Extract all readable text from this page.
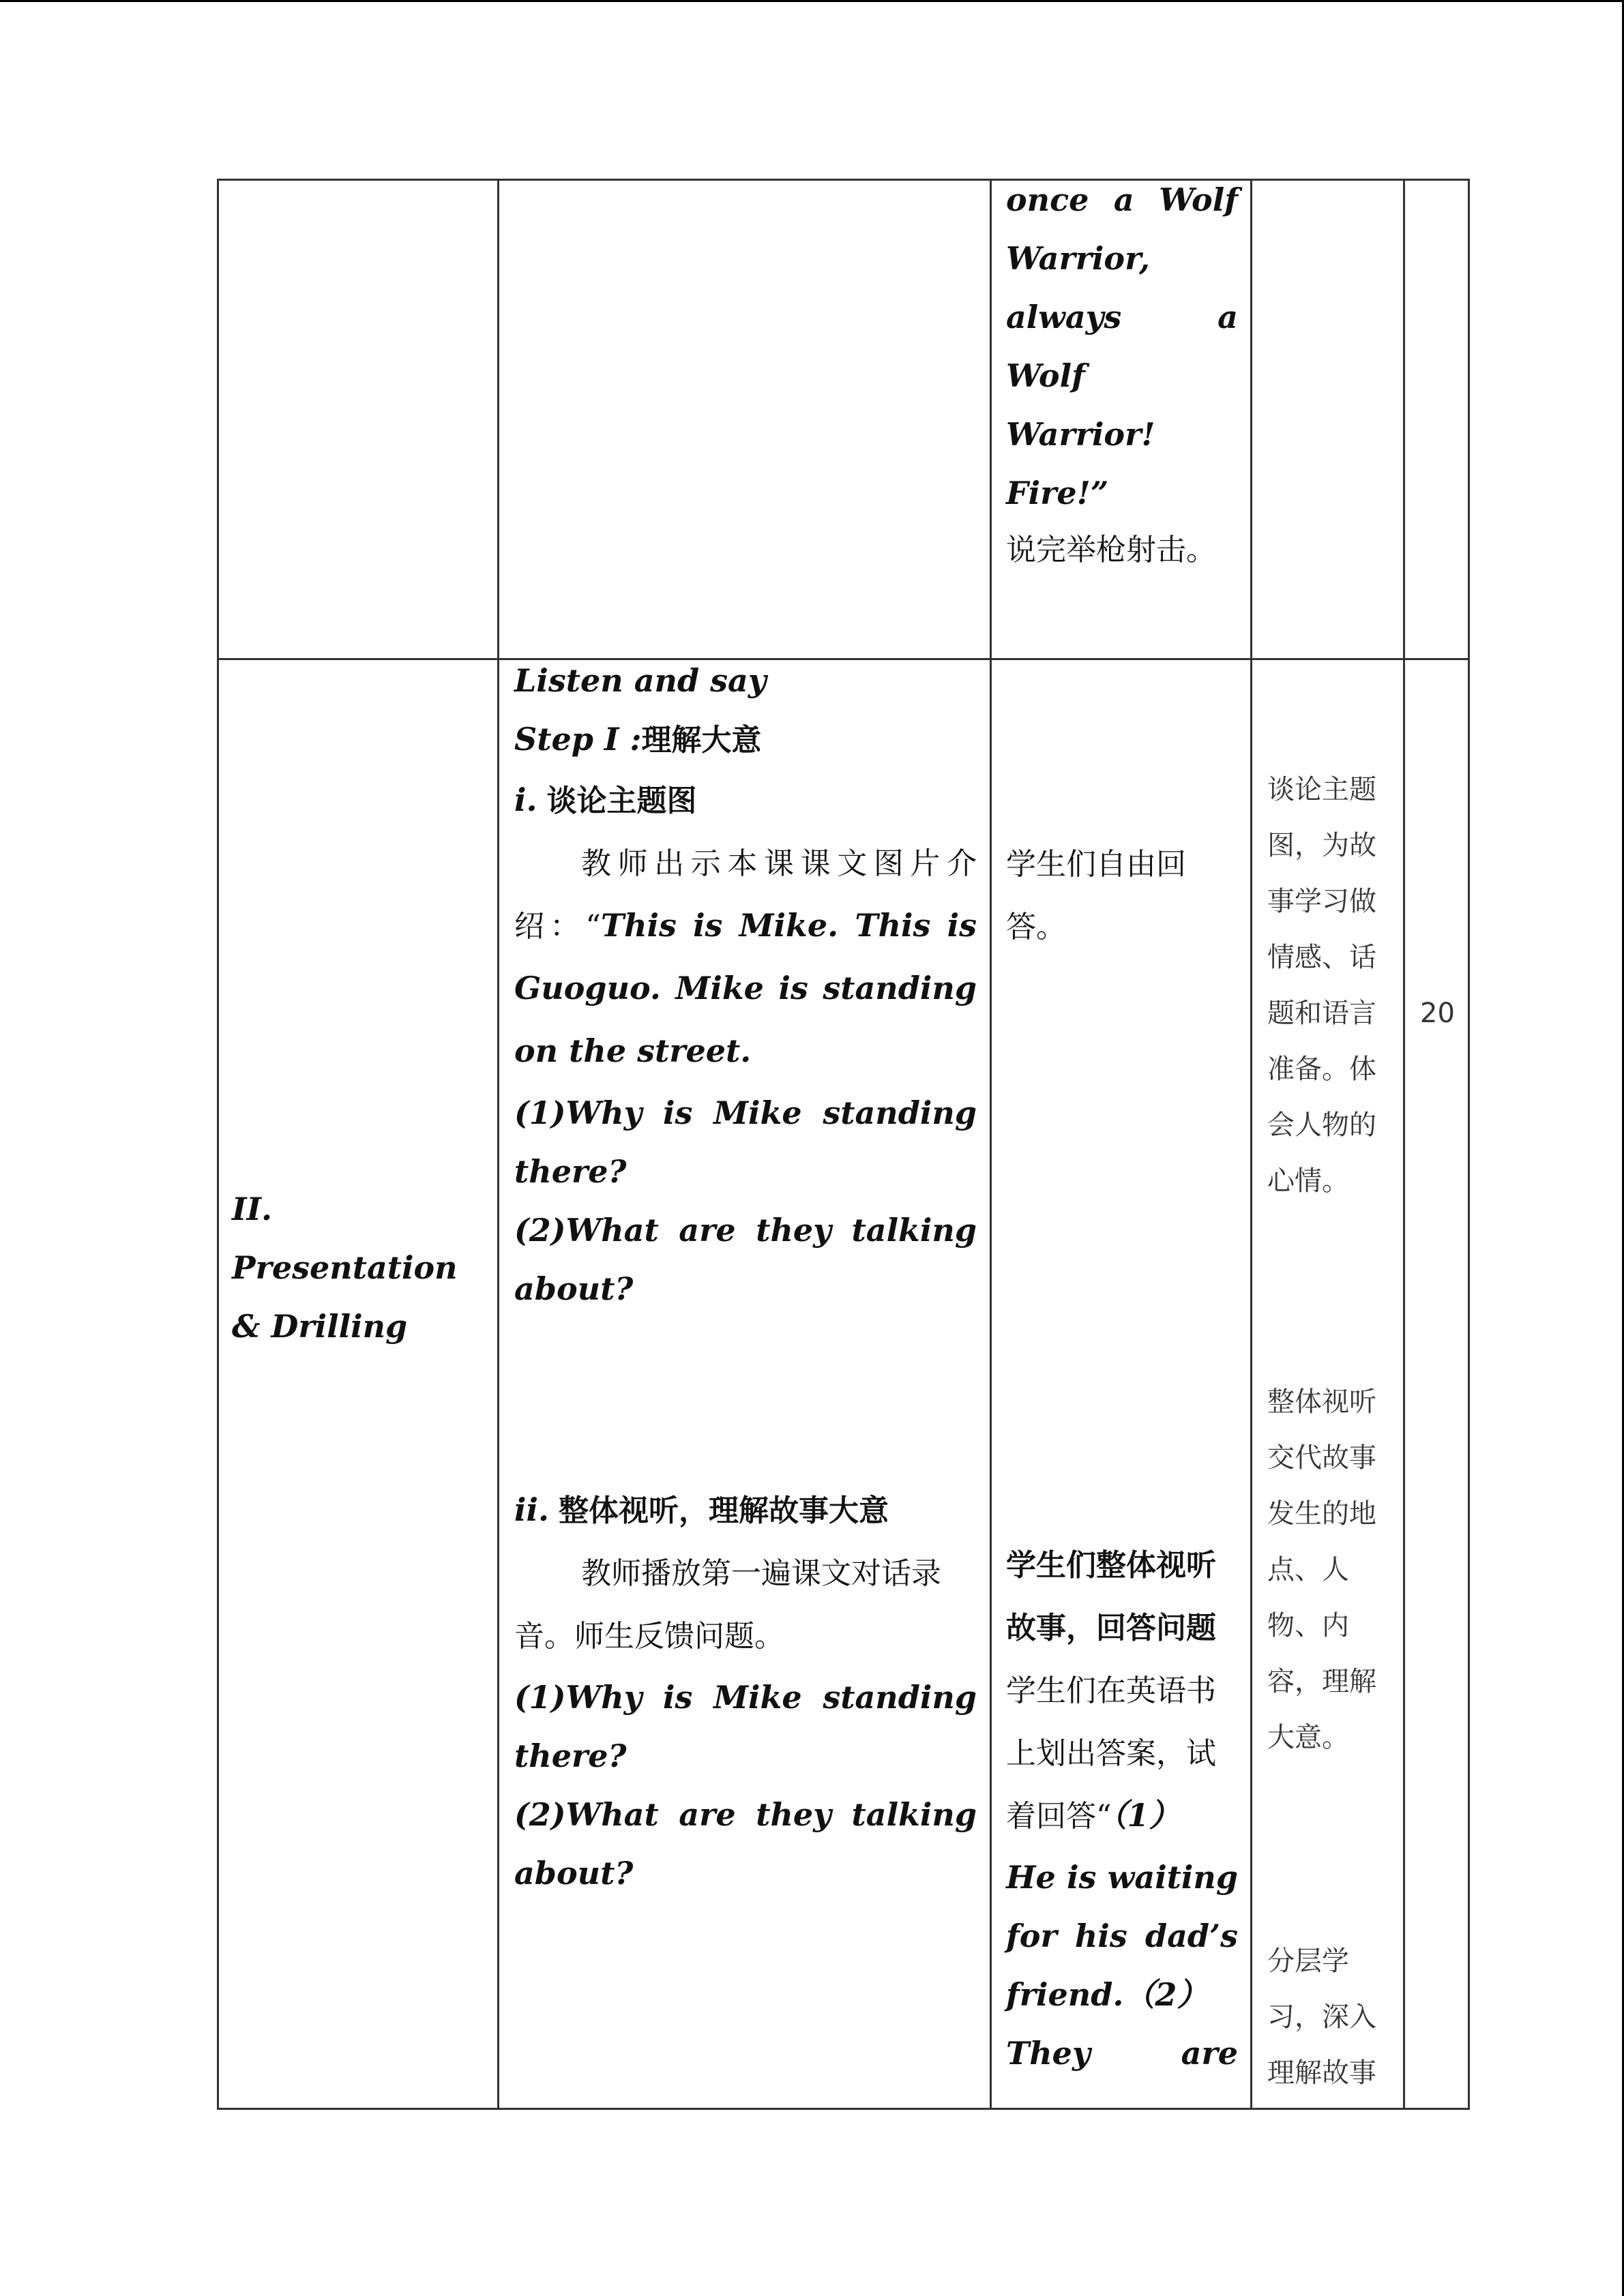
once a Wolf
Warrior,
always a
Wolf
Warrior!
Fire!”
说完举枪射击。
II.
Presentation
& Drilling
Listen and say
Step I :理解大意
i. 谈论主题图
教师出示本课课文图片介绍：“This is Mike. This is Guoguo. Mike is standing on the street.
(1)Why is Mike standing there?
(2)What are they talking about?
ii. 整体视听，理解故事大意
教师播放第一遍课文对话录音。师生反馈问题。
(1)Why is Mike standing there?
(2)What are they talking about?
学生们自由回答。
学生们整体视听故事，回答问题
学生们在英语书上划出答案，试着回答“（1）
He is waiting for his dad’s friend.（2）
They are
谈论主题图，为故事学习做情感、话题和语言准备。体会人物的心情。
整体视听交代故事发生的地点、人物、内容，理解大意。
分层学习，深入理解故事
20
